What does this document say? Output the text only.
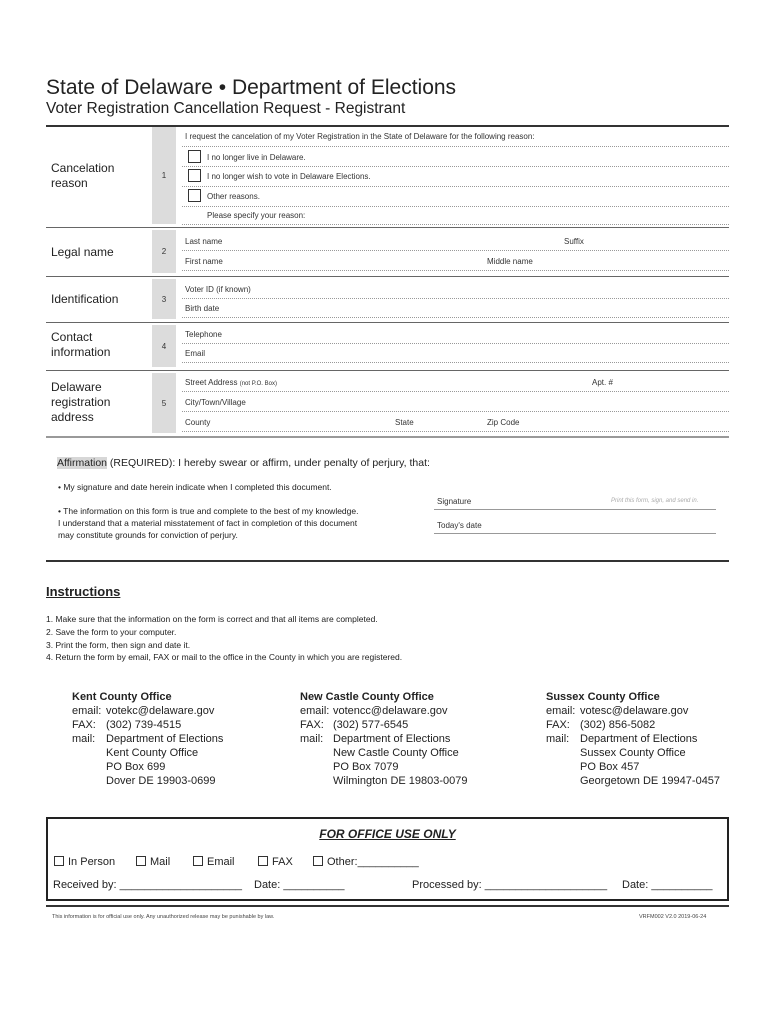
State of Delaware • Department of Elections
Voter Registration Cancellation Request - Registrant
1
Cancelation
reason
I request the cancelation of my Voter Registration in the State of Delaware for the following reason:
I no longer live in Delaware.
I no longer wish to vote in Delaware Elections.
Other reasons.
Please specify your reason:
2
Legal name
Last name	Suffix
First name	Middle name
3
Identification
Voter ID (if known)
Birth date
4
Contact
information
Telephone
Email
5
Delaware
registration
address
Street Address (not P.O. Box)	Apt. #
City/Town/Village
County	State	Zip Code
Affirmation (REQUIRED): I hereby swear or affirm, under penalty of perjury, that:
• My signature and date herein indicate when I completed this document.
• The information on this form is true and complete to the best of my knowledge.
I understand that a material misstatement of fact in completion of this document
may constitute grounds for conviction of perjury.
Signature	Print this form, sign, and send in.
Today's date
Instructions
1. Make sure that the information on the form is correct and that all items are completed.
2. Save the form to your computer.
3. Print the form, then sign and date it.
4. Return the form by email, FAX or mail to the office in the County in which you are registered.
Kent County Office
email: votekc@delaware.gov
FAX: (302) 739-4515
mail: Department of Elections
Kent County Office
PO Box 699
Dover DE 19903-0699
New Castle County Office
email: votencc@delaware.gov
FAX: (302) 577-6545
mail: Department of Elections
New Castle County Office
PO Box 7079
Wilmington DE 19803-0079
Sussex County Office
email: votesc@delaware.gov
FAX: (302) 856-5082
mail: Department of Elections
Sussex County Office
PO Box 457
Georgetown DE 19947-0457
FOR OFFICE USE ONLY
In Person	Mail	Email	FAX	Other:__________
Received by: ____________________ Date: __________	Processed by: ____________________ Date: __________
This information is for official use only. Any unauthorized release may be punishable by law.	VRFM002 V2.0 2019-06-24
